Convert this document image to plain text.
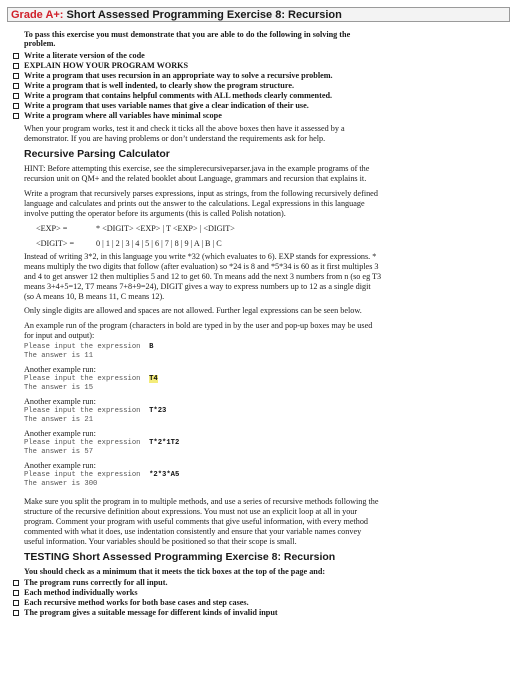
Grade A+: Short Assessed Programming Exercise 8: Recursion
To pass this exercise you must demonstrate that you are able to do the following in solving the
problem.
Write a literate version of the code
EXPLAIN HOW YOUR PROGRAM WORKS
Write a program that uses recursion in an appropriate way to solve a recursive problem.
Write a program that is well indented, to clearly show the program structure.
Write a program that contains helpful comments with ALL methods clearly commented.
Write a program that uses variable names that give a clear indication of their use.
Write a program where all variables have minimal scope
When your program works, test it and check it ticks all the above boxes then have it assessed by a
demonstrator. If you are having problems or don’t understand the requirements ask for help.
Recursive Parsing Calculator
HINT: Before attempting this exercise, see the simplerecursiveparser.java in the example programs of the
recursion unit on QM+ and the related booklet about Language, grammars and recursion that explains it.
Write a program that recursively parses expressions, input as strings, from the following recursively defined
language and calculates and prints out the answer to the calculations. Legal expressions in this language
involve putting the operator before its arguments (this is called Polish notation).
<EXP> =	* <DIGIT> <EXP> | T <EXP> | <DIGIT>
<DIGIT> =	0 | 1 | 2 | 3 | 4 | 5 | 6 | 7 | 8 | 9 | A | B | C
Instead of writing 3*2, in this language you write *32 (which evaluates to 6). EXP stands for expressions. *
means multiply the two digits that follow (after evaluation) so *24 is 8 and *5*34 is 60 as it first multiples 3
and 4 to get answer 12 then multiplies 5 and 12 to get 60. Tn means add the next 3 numbers from n (so eg T3
means 3+4+5=12, T7 means 7+8+9=24), DIGIT gives a way to express numbers up to 12 as a single digit
(so A means 10, B means 11, C means 12).
Only single digits are allowed and spaces are not allowed. Further legal expressions can be seen below.
An example run of the program (characters in bold are typed in by the user and pop-up boxes may be used
for input and output):
Please input the expression B
The answer is 11
Another example run:
Please input the expression T4
The answer is 15
Another example run:
Please input the expression T*23
The answer is 21
Another example run:
Please input the expression T*2*1T2
The answer is 57
Another example run:
Please input the expression *2*3*A5
The answer is 300
Make sure you split the program in to multiple methods, and use a series of recursive methods following the
structure of the recursive definition about expressions. You must not use an explicit loop at all in your
program. Comment your program with useful comments that give useful information, with every method
commented with what it does, use indentation consistently and ensure that your variable names convey
useful information. Your variables should be positioned so that their scope is small.
TESTING Short Assessed Programming Exercise 8: Recursion
You should check as a minimum that it meets the tick boxes at the top of the page and:
The program runs correctly for all input.
Each method individually works
Each recursive method works for both base cases and step cases.
The program gives a suitable message for different kinds of invalid input
